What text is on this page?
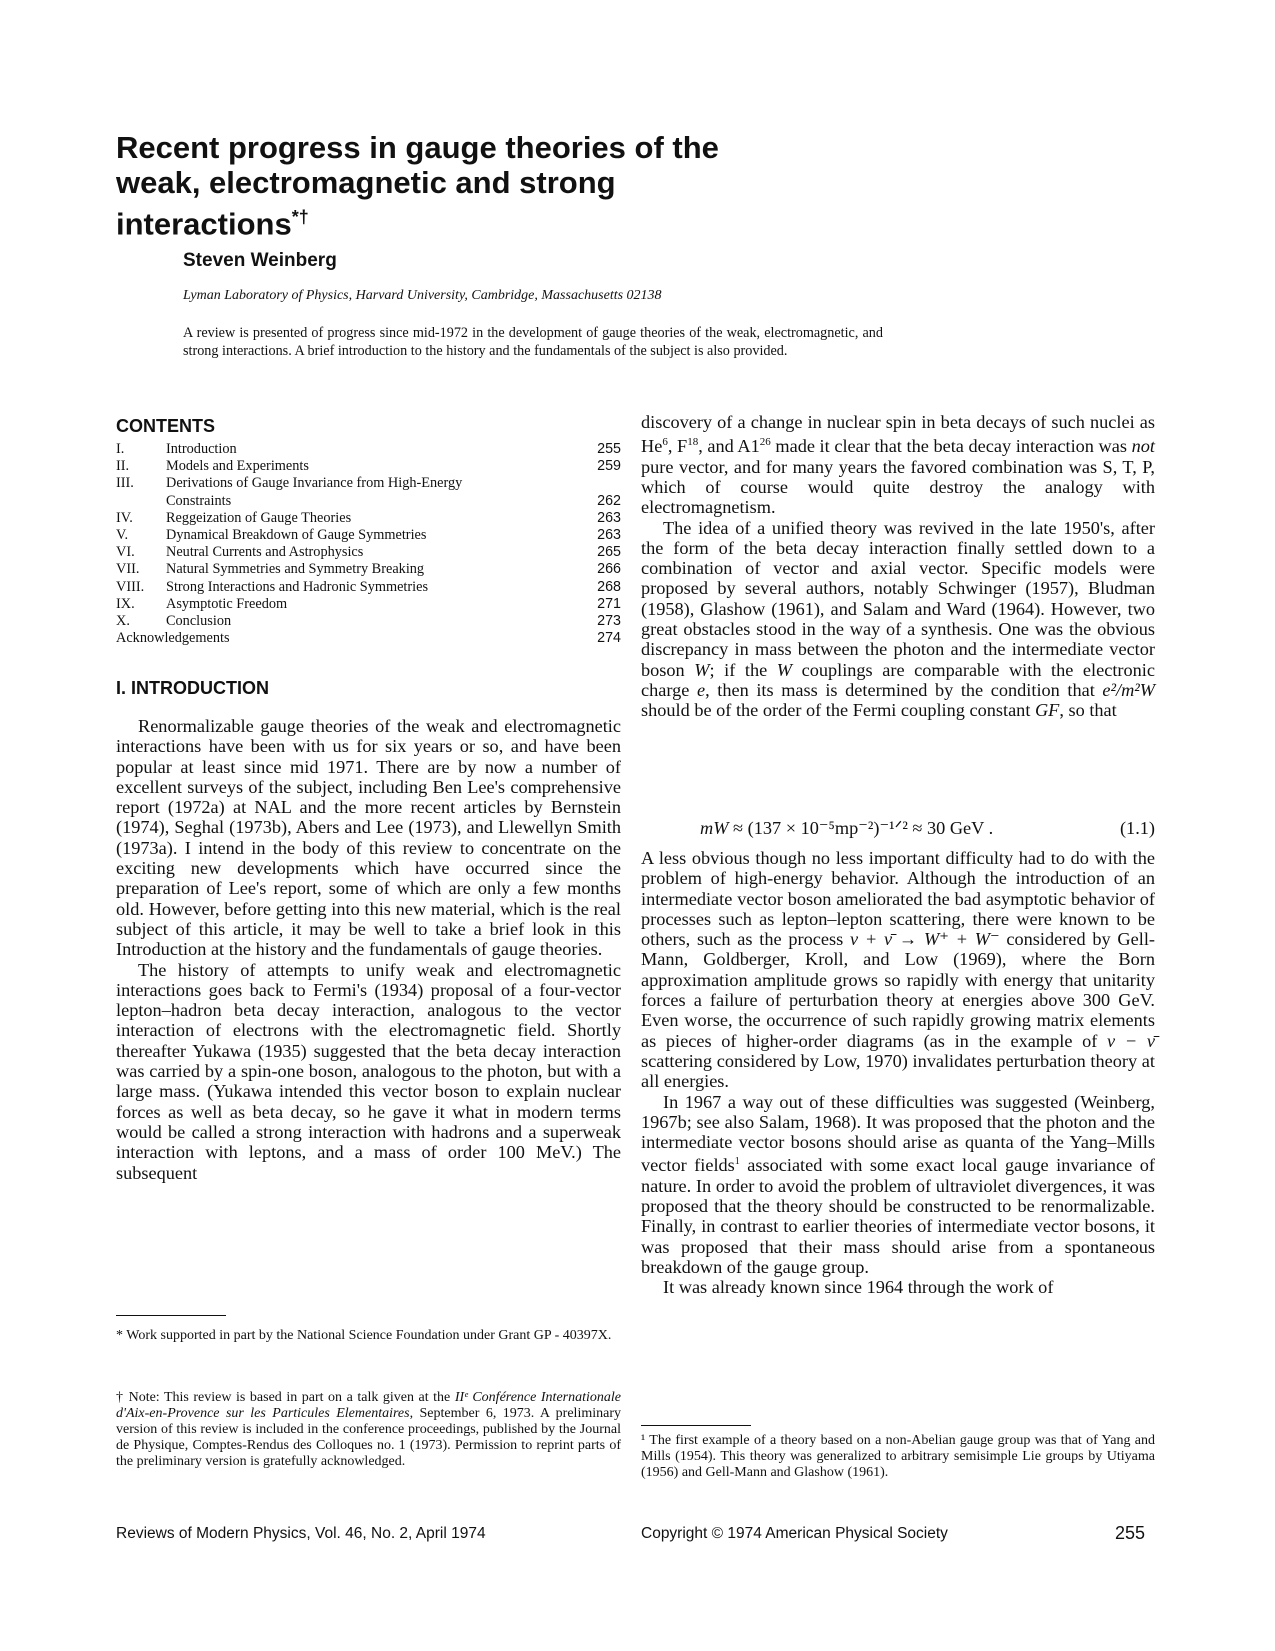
Recent progress in gauge theories of the
weak, electromagnetic and strong
interactions*†
Steven Weinberg
Lyman Laboratory of Physics, Harvard University, Cambridge, Massachusetts 02138
A review is presented of progress since mid-1972 in the development of gauge theories of the weak, electromagnetic, and strong interactions. A brief introduction to the history and the fundamentals of the subject is also provided.
CONTENTS
I.	Introduction	255
II.	Models and Experiments	259
III.	Derivations of Gauge Invariance from High-Energy	
	Constraints	262
IV.	Reggeization of Gauge Theories	263
V.	Dynamical Breakdown of Gauge Symmetries	263
VI.	Neutral Currents and Astrophysics	265
VII.	Natural Symmetries and Symmetry Breaking	266
VIII.	Strong Interactions and Hadronic Symmetries	268
IX.	Asymptotic Freedom	271
X.	Conclusion	273
Acknowledgements		274
I. INTRODUCTION

Renormalizable gauge theories of the weak and electromagnetic interactions have been with us for six years or so, and have been popular at least since mid 1971. There are by now a number of excellent surveys of the subject, including Ben Lee's comprehensive report (1972a) at NAL and the more recent articles by Bernstein (1974), Seghal (1973b), Abers and Lee (1973), and Llewellyn Smith (1973a). I intend in the body of this review to concentrate on the exciting new developments which have occurred since the preparation of Lee's report, some of which are only a few months old. However, before getting into this new material, which is the real subject of this article, it may be well to take a brief look in this Introduction at the history and the fundamentals of gauge theories.

The history of attempts to unify weak and electromagnetic interactions goes back to Fermi's (1934) proposal of a four-vector lepton–hadron beta decay interaction, analogous to the vector interaction of electrons with the electromagnetic field. Shortly thereafter Yukawa (1935) suggested that the beta decay interaction was carried by a spin-one boson, analogous to the photon, but with a large mass. (Yukawa intended this vector boson to explain nuclear forces as well as beta decay, so he gave it what in modern terms would be called a strong interaction with hadrons and a superweak interaction with leptons, and a mass of order 100 MeV.) The subsequent

discovery of a change in nuclear spin in beta decays of such nuclei as He$^6$, $F^{18}$, and $A1^{26}$ made it clear that the beta decay interaction was not pure vector, and for many years the favored combination was S, T, P, which of course would quite destroy the analogy with electromagnetism.

The idea of a unified theory was revived in the late 1950's, after the form of the beta decay interaction finally settled down to a combination of vector and axial vector. Specific models were proposed by several authors, notably Schwinger (1957), Bludman (1958), Glashow (1961), and Salam and Ward (1964). However, two great obstacles stood in the way of a synthesis. One was the obvious discrepancy in mass between the photon and the intermediate vector boson W; if the W couplings are comparable with the electronic charge e, then its mass is determined by the condition that e²/m²W should be of the order of the Fermi coupling constant GF, so that

mW ≈ (137 × 10⁻⁵mp⁻²)⁻¹ᐟ² ≈ 30 GeV .	(1.1)

A less obvious though no less important difficulty had to do with the problem of high-energy behavior. Although the introduction of an intermediate vector boson ameliorated the bad asymptotic behavior of processes such as lepton–lepton scattering, there were known to be others, such as the process ν + ν̄ → W⁺ + W⁻ considered by Gell-Mann, Goldberger, Kroll, and Low (1969), where the Born approximation amplitude grows so rapidly with energy that unitarity forces a failure of perturbation theory at energies above 300 GeV. Even worse, the occurrence of such rapidly growing matrix elements as pieces of higher-order diagrams (as in the example of ν − ν̄ scattering considered by Low, 1970) invalidates perturbation theory at all energies.

In 1967 a way out of these difficulties was suggested (Weinberg, 1967b; see also Salam, 1968). It was proposed that the photon and the intermediate vector bosons should arise as quanta of the Yang–Mills vector fields$^1$ associated with some exact local gauge invariance of nature. In order to avoid the problem of ultraviolet divergences, it was proposed that the theory should be constructed to be renormalizable. Finally, in contrast to earlier theories of intermediate vector bosons, it was proposed that their mass should arise from a spontaneous breakdown of the gauge group.

It was already known since 1964 through the work of

* Work supported in part by the National Science Foundation under Grant GP - 40397X.

† Note: This review is based in part on a talk given at the IIᵉ Conférence Internationale d'Aix-en-Provence sur les Particules Elementaires, September 6, 1973. A preliminary version of this review is included in the conference proceedings, published by the Journal de Physique, Comptes-Rendus des Colloques no. 1 (1973). Permission to reprint parts of the preliminary version is gratefully acknowledged.

¹ The first example of a theory based on a non-Abelian gauge group was that of Yang and Mills (1954). This theory was generalized to arbitrary semisimple Lie groups by Utiyama (1956) and Gell-Mann and Glashow (1961).

Reviews of Modern Physics, Vol. 46, No. 2, April 1974	Copyright © 1974 American Physical Society	255
